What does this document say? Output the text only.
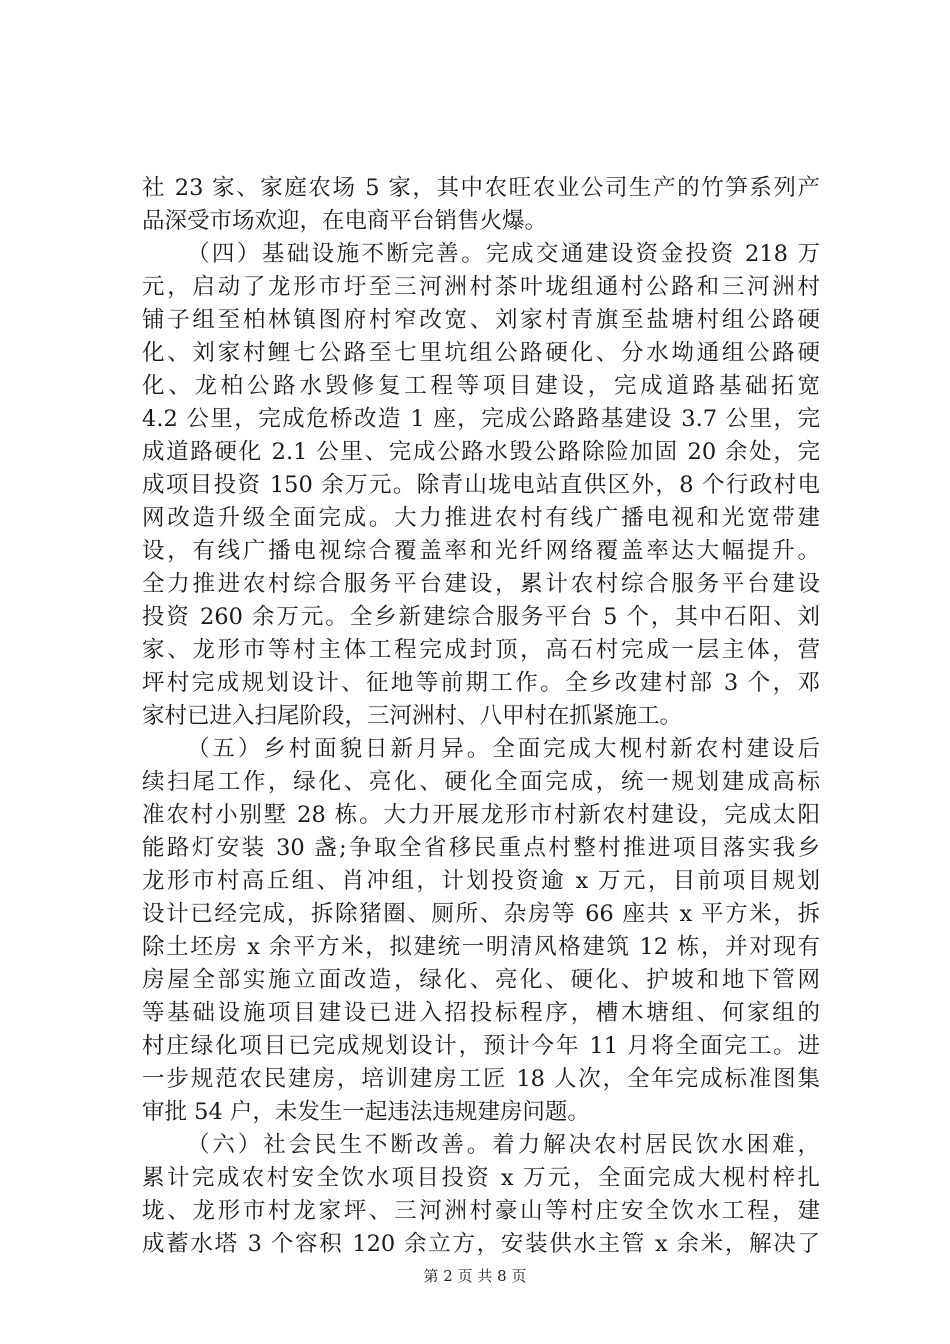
社 23 家、家庭农场 5 家，其中农旺农业公司生产的竹笋系列产
品深受市场欢迎，在电商平台销售火爆。
（四）基础设施不断完善。完成交通建设资金投资 218 万
元，启动了龙形市圩至三河洲村茶叶垅组通村公路和三河洲村
铺子组至柏林镇图府村窄改宽、刘家村青旗至盐塘村组公路硬
化、刘家村鲤七公路至七里坑组公路硬化、分水坳通组公路硬
化、龙柏公路水毁修复工程等项目建设，完成道路基础拓宽
4.2 公里，完成危桥改造 1 座，完成公路路基建设 3.7 公里，完
成道路硬化 2.1 公里、完成公路水毁公路除险加固 20 余处，完
成项目投资 150 余万元。除青山垅电站直供区外，8 个行政村电
网改造升级全面完成。大力推进农村有线广播电视和光宽带建
设，有线广播电视综合覆盖率和光纤网络覆盖率达大幅提升。
全力推进农村综合服务平台建设，累计农村综合服务平台建设
投资 260 余万元。全乡新建综合服务平台 5 个，其中石阳、刘
家、龙形市等村主体工程完成封顶，高石村完成一层主体，营
坪村完成规划设计、征地等前期工作。全乡改建村部 3 个，邓
家村已进入扫尾阶段，三河洲村、八甲村在抓紧施工。
（五）乡村面貌日新月异。全面完成大枧村新农村建设后
续扫尾工作，绿化、亮化、硬化全面完成，统一规划建成高标
准农村小别墅 28 栋。大力开展龙形市村新农村建设，完成太阳
能路灯安装 30 盏;争取全省移民重点村整村推进项目落实我乡
龙形市村高丘组、肖冲组，计划投资逾 x 万元，目前项目规划
设计已经完成，拆除猪圈、厕所、杂房等 66 座共 x 平方米，拆
除土坯房 x 余平方米，拟建统一明清风格建筑 12 栋，并对现有
房屋全部实施立面改造，绿化、亮化、硬化、护坡和地下管网
等基础设施项目建设已进入招投标程序，槽木塘组、何家组的
村庄绿化项目已完成规划设计，预计今年 11 月将全面完工。进
一步规范农民建房，培训建房工匠 18 人次，全年完成标准图集
审批 54 户，未发生一起违法违规建房问题。
（六）社会民生不断改善。着力解决农村居民饮水困难，
累计完成农村安全饮水项目投资 x 万元，全面完成大枧村梓扎
垅、龙形市村龙家坪、三河洲村豪山等村庄安全饮水工程，建
成蓄水塔 3 个容积 120 余立方，安装供水主管 x 余米，解决了
第 2 页 共 8 页
